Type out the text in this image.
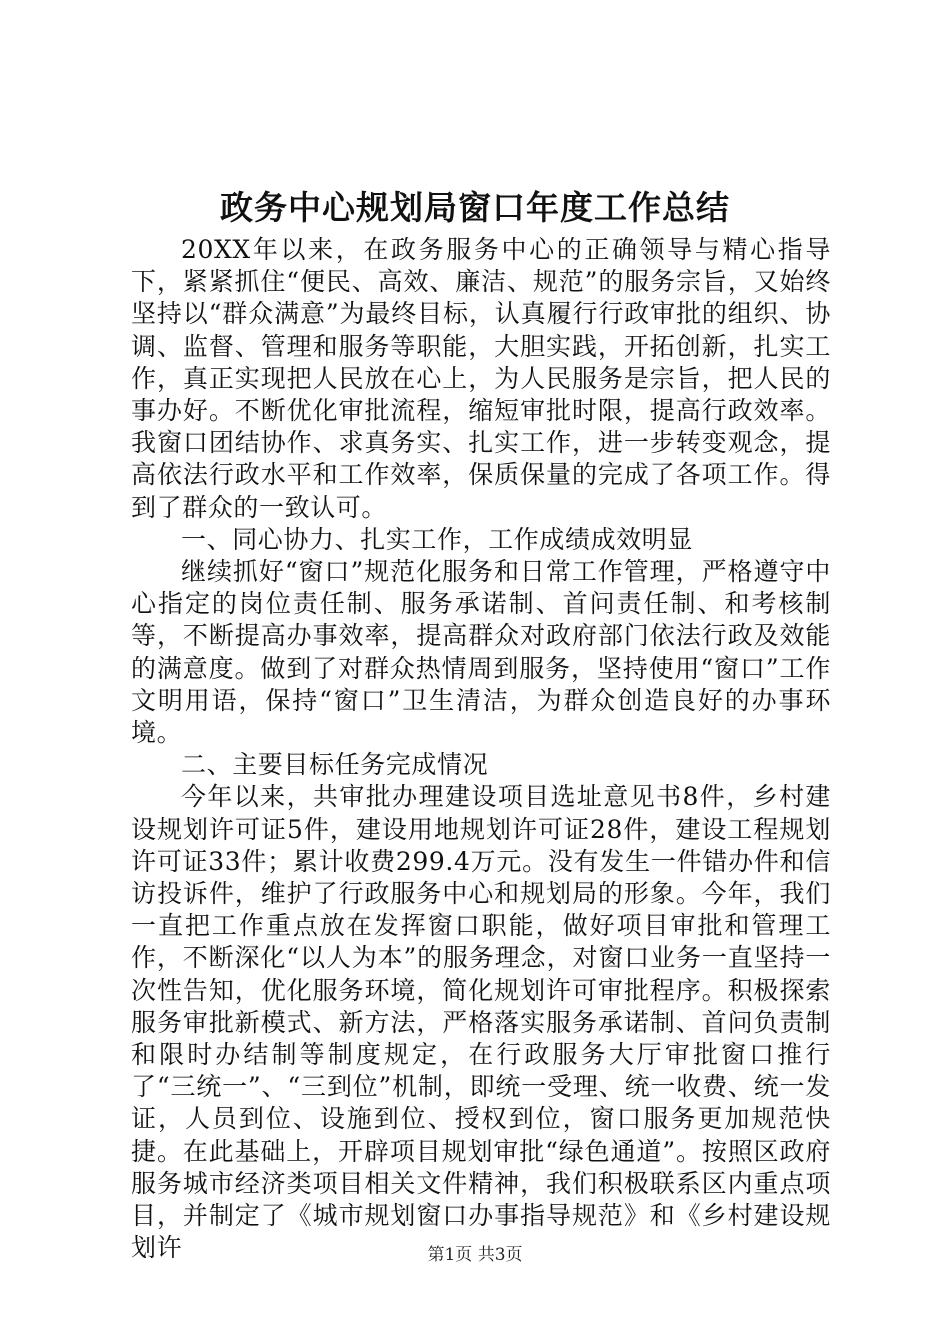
政务中心规划局窗口年度工作总结

20XX年以来，在政务服务中心的正确领导与精心指导下，紧紧抓住“便民、高效、廉洁、规范”的服务宗旨，又始终坚持以“群众满意”为最终目标，认真履行行政审批的组织、协调、监督、管理和服务等职能，大胆实践，开拓创新，扎实工作，真正实现把人民放在心上，为人民服务是宗旨，把人民的事办好。不断优化审批流程，缩短审批时限，提高行政效率。我窗口团结协作、求真务实、扎实工作，进一步转变观念，提高依法行政水平和工作效率，保质保量的完成了各项工作。得到了群众的一致认可。

一、同心协力、扎实工作，工作成绩成效明显

继续抓好“窗口”规范化服务和日常工作管理，严格遵守中心指定的岗位责任制、服务承诺制、首问责任制、和考核制等，不断提高办事效率，提高群众对政府部门依法行政及效能的满意度。做到了对群众热情周到服务，坚持使用“窗口”工作文明用语，保持“窗口”卫生清洁，为群众创造良好的办事环境。

二、主要目标任务完成情况

今年以来，共审批办理建设项目选址意见书8件，乡村建设规划许可证5件，建设用地规划许可证28件，建设工程规划许可证33件；累计收费299.4万元。没有发生一件错办件和信访投诉件，维护了行政服务中心和规划局的形象。今年，我们一直把工作重点放在发挥窗口职能，做好项目审批和管理工作，不断深化“以人为本”的服务理念，对窗口业务一直坚持一次性告知，优化服务环境，简化规划许可审批程序。积极探索服务审批新模式、新方法，严格落实服务承诺制、首问负责制和限时办结制等制度规定，在行政服务大厅审批窗口推行了“三统一”、“三到位”机制，即统一受理、统一收费、统一发证，人员到位、设施到位、授权到位，窗口服务更加规范快捷。在此基础上，开辟项目规划审批“绿色通道”。按照区政府服务城市经济类项目相关文件精神，我们积极联系区内重点项目，并制定了《城市规划窗口办事指导规范》和《乡村建设规划许	第1页 共3页
